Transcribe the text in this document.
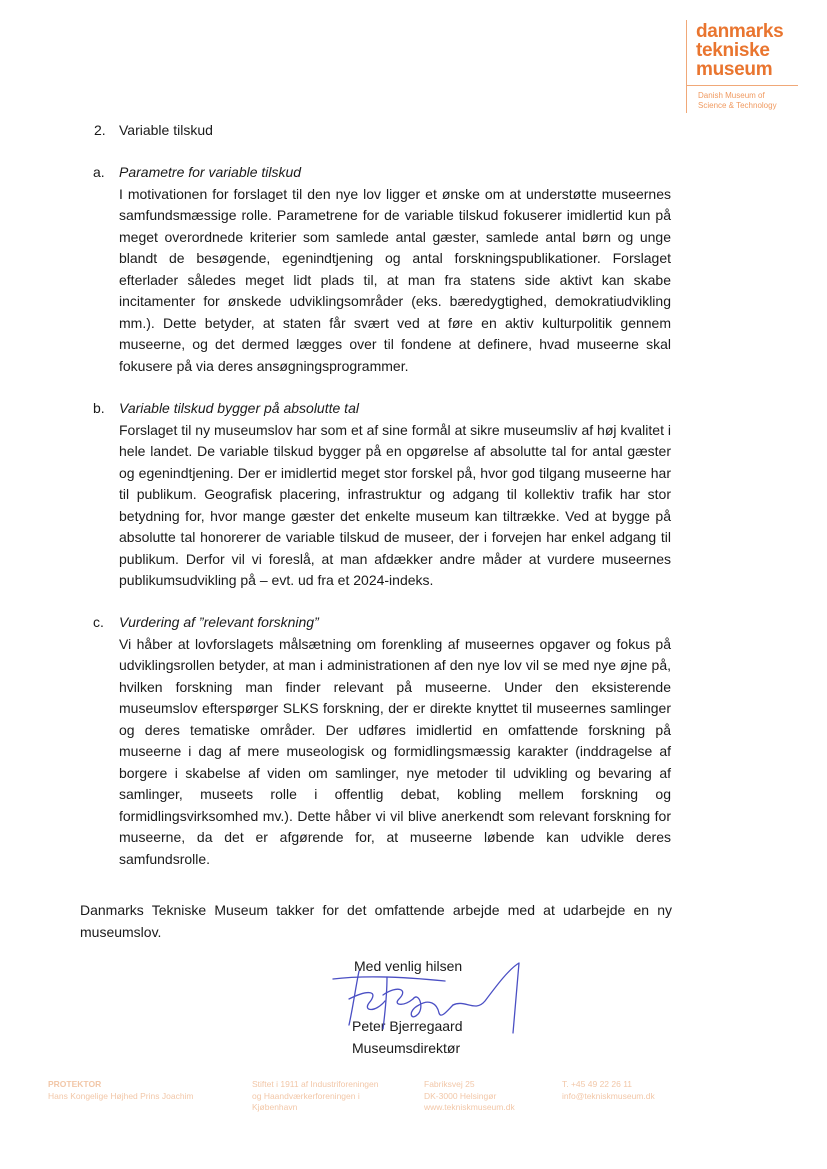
danmarks
tekniske
museum
Danish Museum of
Science & Technology
2. Variable tilskud
a. Parametre for variable tilskud
I motivationen for forslaget til den nye lov ligger et ønske om at understøtte museernes samfundsmæssige rolle. Parametrene for de variable tilskud fokuserer imidlertid kun på meget overordnede kriterier som samlede antal gæster, samlede antal børn og unge blandt de besøgende, egenindtjening og antal forskningspublikationer. Forslaget efterlader således meget lidt plads til, at man fra statens side aktivt kan skabe incitamenter for ønskede udviklingsområder (eks. bæredygtighed, demokratiudvikling mm.). Dette betyder, at staten får svært ved at føre en aktiv kulturpolitik gennem museerne, og det dermed lægges over til fondene at definere, hvad museerne skal fokusere på via deres ansøgningsprogrammer.
b. Variable tilskud bygger på absolutte tal
Forslaget til ny museumslov har som et af sine formål at sikre museumsliv af høj kvalitet i hele landet. De variable tilskud bygger på en opgørelse af absolutte tal for antal gæster og egenindtjening. Der er imidlertid meget stor forskel på, hvor god tilgang museerne har til publikum. Geografisk placering, infrastruktur og adgang til kollektiv trafik har stor betydning for, hvor mange gæster det enkelte museum kan tiltrække. Ved at bygge på absolutte tal honorerer de variable tilskud de museer, der i forvejen har enkel adgang til publikum. Derfor vil vi foreslå, at man afdækker andre måder at vurdere museernes publikumsudvikling på – evt. ud fra et 2024-indeks.
c. Vurdering af ”relevant forskning”
Vi håber at lovforslagets målsætning om forenkling af museernes opgaver og fokus på udviklingsrollen betyder, at man i administrationen af den nye lov vil se med nye øjne på, hvilken forskning man finder relevant på museerne. Under den eksisterende museumslov efterspørger SLKS forskning, der er direkte knyttet til museernes samlinger og deres tematiske områder. Der udføres imidlertid en omfattende forskning på museerne i dag af mere museologisk og formidlingsmæssig karakter (inddragelse af borgere i skabelse af viden om samlinger, nye metoder til udvikling og bevaring af samlinger, museets rolle i offentlig debat, kobling mellem forskning og formidlingsvirksomhed mv.). Dette håber vi vil blive anerkendt som relevant forskning for museerne, da det er afgørende for, at museerne løbende kan udvikle deres samfundsrolle.
Danmarks Tekniske Museum takker for det omfattende arbejde med at udarbejde en ny museumslov.
Med venlig hilsen
Peter Bjerregaard
Museumsdirektør
PROTEKTOR
Hans Kongelige Højhed Prins Joachim
Stiftet i 1911 af Industriforeningen
og Haandværkerforeningen i
Kjøbenhavn
Fabriksvej 25
DK-3000 Helsingør
www.tekniskmuseum.dk
T. +45 49 22 26 11
info@tekniskmuseum.dk
